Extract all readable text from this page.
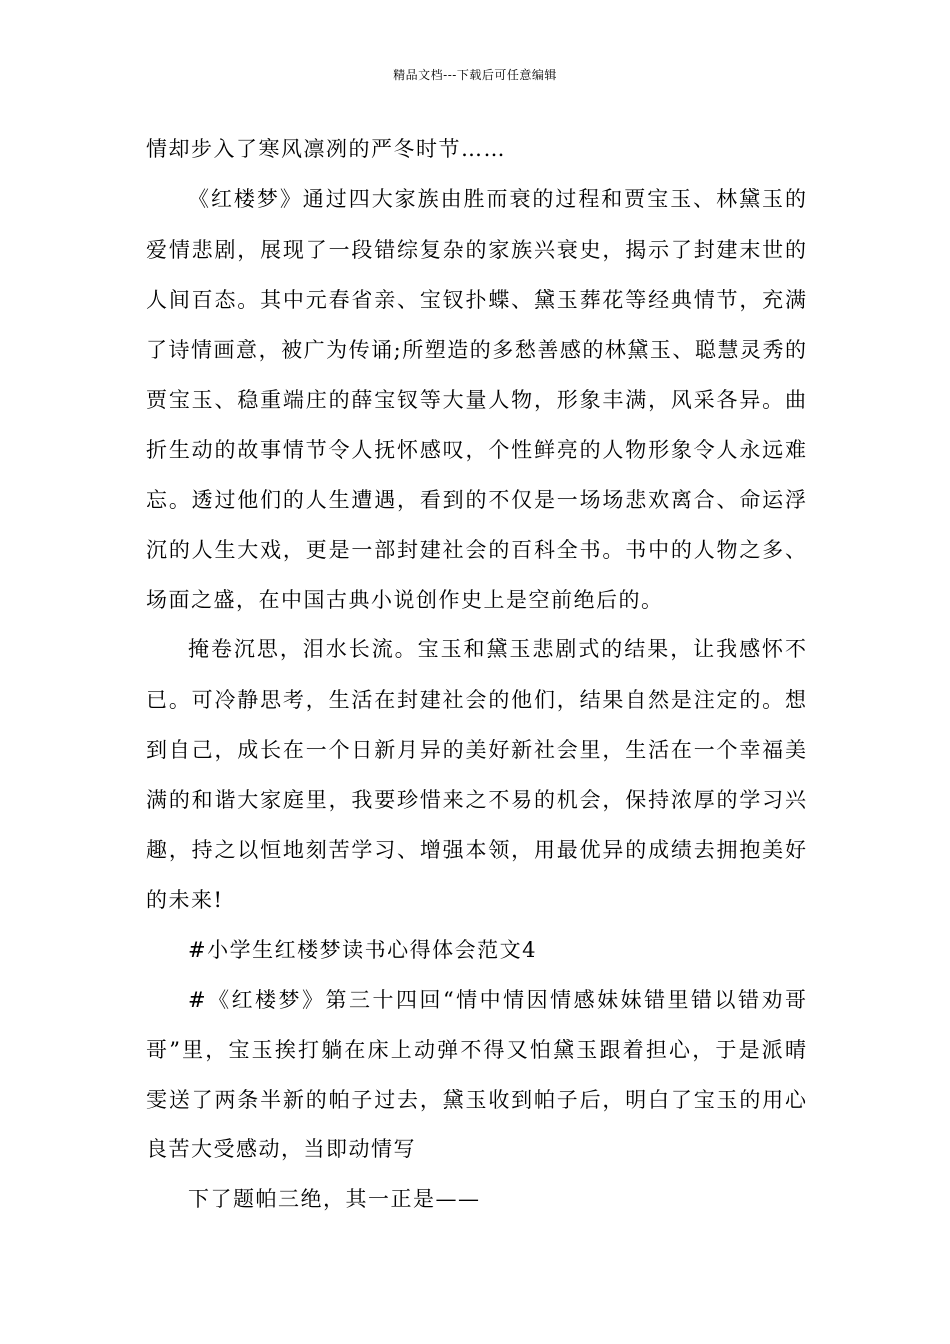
精品文档---下载后可任意编辑
情却步入了寒风凛冽的严冬时节……
《红楼梦》通过四大家族由胜而衰的过程和贾宝玉、林黛玉的
爱情悲剧，展现了一段错综复杂的家族兴衰史，揭示了封建末世的
人间百态。其中元春省亲、宝钗扑蝶、黛玉葬花等经典情节，充满
了诗情画意，被广为传诵;所塑造的多愁善感的林黛玉、聪慧灵秀的
贾宝玉、稳重端庄的薛宝钗等大量人物，形象丰满，风采各异。曲
折生动的故事情节令人抚怀感叹，个性鲜亮的人物形象令人永远难
忘。透过他们的人生遭遇，看到的不仅是一场场悲欢离合、命运浮
沉的人生大戏，更是一部封建社会的百科全书。书中的人物之多、
场面之盛，在中国古典小说创作史上是空前绝后的。
掩卷沉思，泪水长流。宝玉和黛玉悲剧式的结果，让我感怀不
已。可冷静思考，生活在封建社会的他们，结果自然是注定的。想
到自己，成长在一个日新月异的美好新社会里，生活在一个幸福美
满的和谐大家庭里，我要珍惜来之不易的机会，保持浓厚的学习兴
趣，持之以恒地刻苦学习、增强本领，用最优异的成绩去拥抱美好
的未来!
#小学生红楼梦读书心得体会范文4
#《红楼梦》第三十四回“情中情因情感妹妹错里错以错劝哥
哥”里，宝玉挨打躺在床上动弹不得又怕黛玉跟着担心，于是派晴
雯送了两条半新的帕子过去，黛玉收到帕子后，明白了宝玉的用心
良苦大受感动，当即动情写
下了题帕三绝，其一正是——
